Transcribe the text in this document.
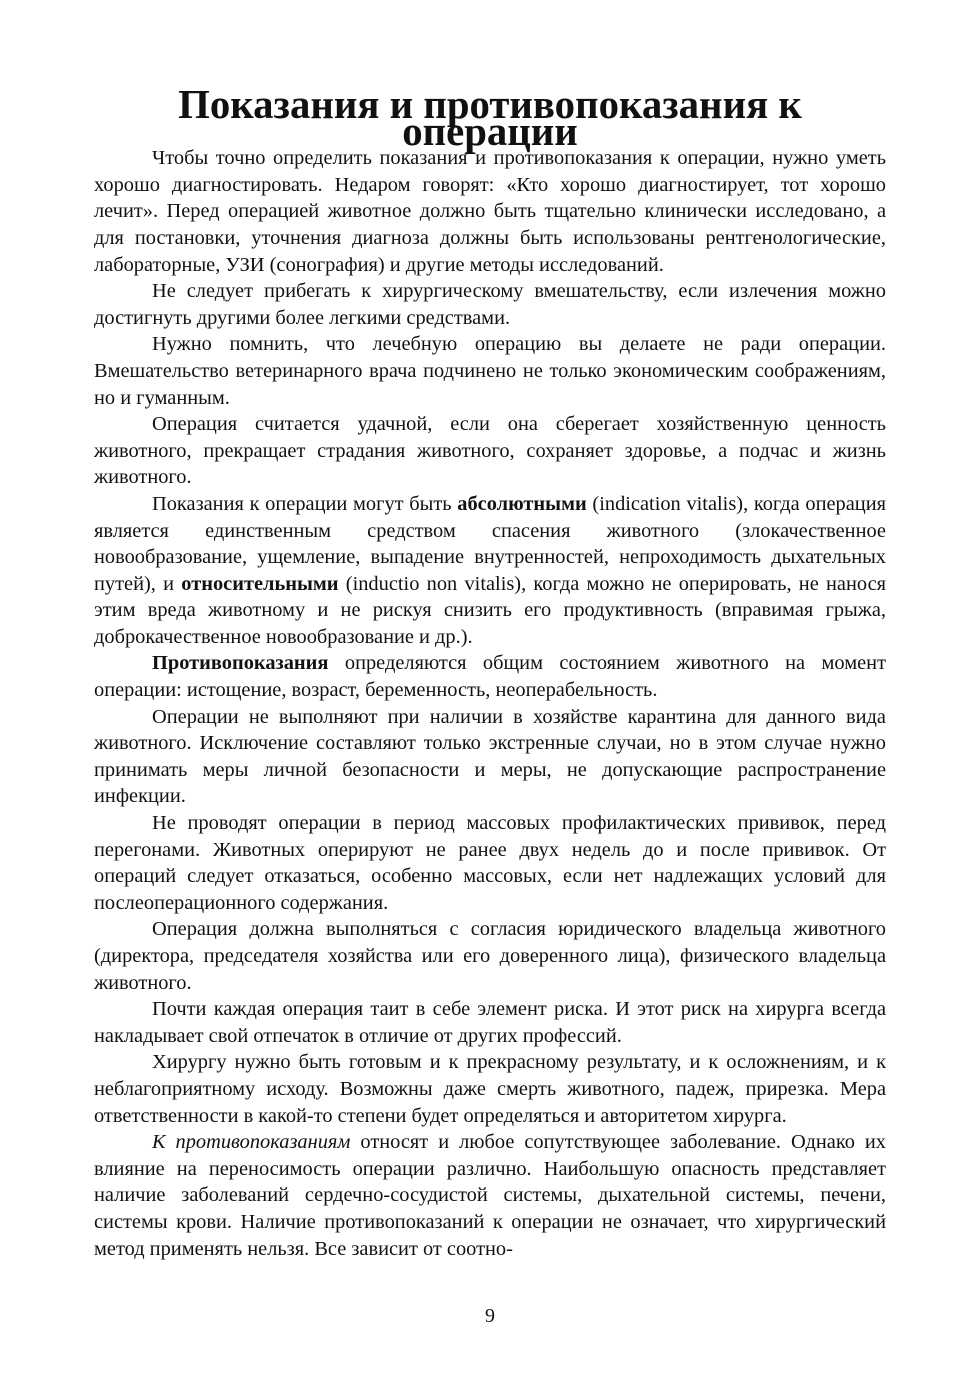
Показания и противопоказания к операции

Чтобы точно определить показания и противопоказания к операции, нужно уметь хорошо диагностировать. Недаром говорят: «Кто хорошо диагностирует, тот хорошо лечит». Перед операцией животное должно быть тщательно клинически исследовано, а для постановки, уточнения диагноза должны быть использованы рентгенологические, лабораторные, УЗИ (сонография) и другие методы исследований.

Не следует прибегать к хирургическому вмешательству, если излечения можно достигнуть другими более легкими средствами.

Нужно помнить, что лечебную операцию вы делаете не ради операции. Вмешательство ветеринарного врача подчинено не только экономическим соображениям, но и гуманным.

Операция считается удачной, если она сберегает хозяйственную ценность животного, прекращает страдания животного, сохраняет здоровье, а подчас и жизнь животного.

Показания к операции могут быть абсолютными (indication vitalis), когда операция является единственным средством спасения животного (злокачественное новообразование, ущемление, выпадение внутренностей, непроходимость дыхательных путей), и относительными (inductio non vitalis), когда можно не оперировать, не нанося этим вреда животному и не рискуя снизить его продуктивность (вправимая грыжа, доброкачественное новообразование и др.).

Противопоказания определяются общим состоянием животного на момент операции: истощение, возраст, беременность, неоперабельность.

Операции не выполняют при наличии в хозяйстве карантина для данного вида животного. Исключение составляют только экстренные случаи, но в этом случае нужно принимать меры личной безопасности и меры, не допускающие распространение инфекции.

Не проводят операции в период массовых профилактических прививок, перед перегонами. Животных оперируют не ранее двух недель до и после прививок. От операций следует отказаться, особенно массовых, если нет надлежащих условий для послеоперационного содержания.

Операция должна выполняться с согласия юридического владельца животного (директора, председателя хозяйства или его доверенного лица), физического владельца животного.

Почти каждая операция таит в себе элемент риска. И этот риск на хирурга всегда накладывает свой отпечаток в отличие от других профессий.

Хирургу нужно быть готовым и к прекрасному результату, и к осложнениям, и к неблагоприятному исходу. Возможны даже смерть животного, падеж, прирезка. Мера ответственности в какой-то степени будет определяться и авторитетом хирурга.

К противопоказаниям относят и любое сопутствующее заболевание. Однако их влияние на переносимость операции различно. Наибольшую опасность представляет наличие заболеваний сердечно-сосудистой системы, дыхательной системы, печени, системы крови. Наличие противопоказаний к операции не означает, что хирургический метод применять нельзя. Все зависит от соотно-

9
